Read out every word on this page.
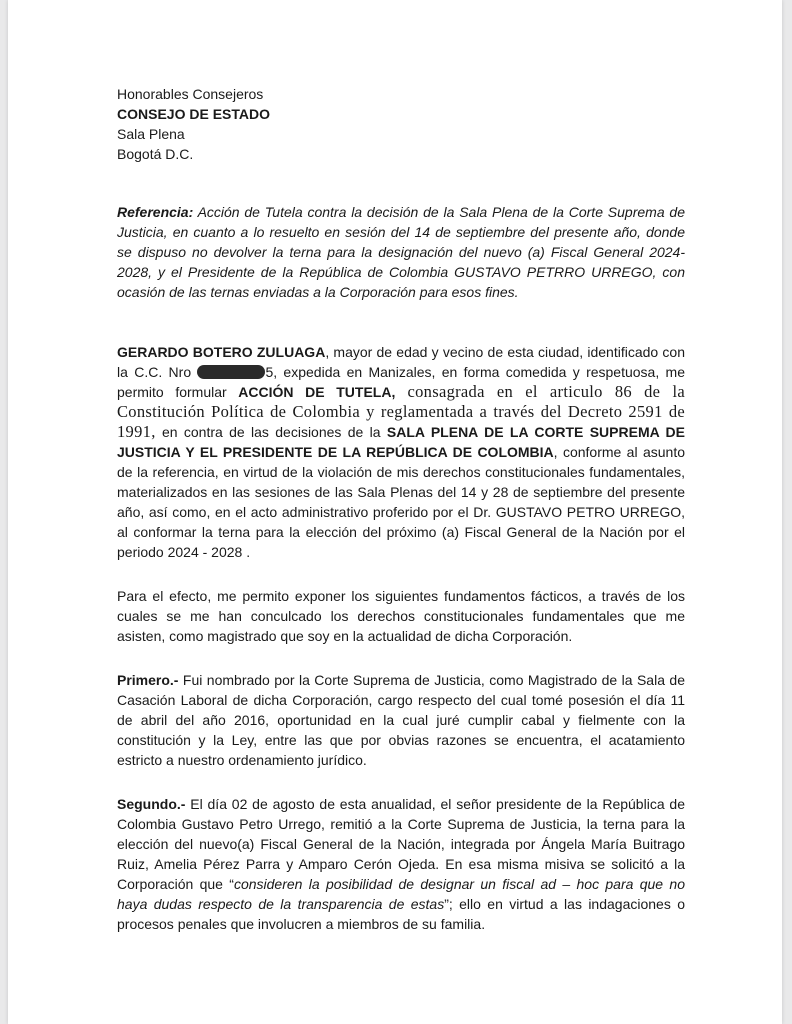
Honorables Consejeros
CONSEJO DE ESTADO
Sala Plena
Bogotá D.C.

Referencia: Acción de Tutela contra la decisión de la Sala Plena de la Corte Suprema de Justicia, en cuanto a lo resuelto en sesión del 14 de septiembre del presente año, donde se dispuso no devolver la terna para la designación del nuevo (a) Fiscal General 2024-2028, y el Presidente de la República de Colombia GUSTAVO PETRRO URREGO, con ocasión de las ternas enviadas a la Corporación para esos fines.

GERARDO BOTERO ZULUAGA, mayor de edad y vecino de esta ciudad, identificado con la C.C. Nro	5, expedida en Manizales, en forma comedida y respetuosa, me permito formular ACCIÓN DE TUTELA, consagrada en el articulo 86 de la Constitución Política de Colombia y reglamentada a través del Decreto 2591 de 1991, en contra de las decisiones de la SALA PLENA DE LA CORTE SUPREMA DE JUSTICIA Y EL PRESIDENTE DE LA REPÚBLICA DE COLOMBIA, conforme al asunto de la referencia, en virtud de la violación de mis derechos constitucionales fundamentales, materializados en las sesiones de las Sala Plenas del 14 y 28 de septiembre del presente año, así como, en el acto administrativo proferido por el Dr. GUSTAVO PETRO URREGO, al conformar la terna para la elección del próximo (a) Fiscal General de la Nación por el periodo 2024 - 2028 .

Para el efecto, me permito exponer los siguientes fundamentos fácticos, a través de los cuales se me han conculcado los derechos constitucionales fundamentales que me asisten, como magistrado que soy en la actualidad de dicha Corporación.

Primero.- Fui nombrado por la Corte Suprema de Justicia, como Magistrado de la Sala de Casación Laboral de dicha Corporación, cargo respecto del cual tomé posesión el día 11 de abril del año 2016, oportunidad en la cual juré cumplir cabal y fielmente con la constitución y la Ley, entre las que por obvias razones se encuentra, el acatamiento estricto a nuestro ordenamiento jurídico.

Segundo.- El día 02 de agosto de esta anualidad, el señor presidente de la República de Colombia Gustavo Petro Urrego, remitió a la Corte Suprema de Justicia, la terna para la elección del nuevo(a) Fiscal General de la Nación, integrada por Ángela María Buitrago Ruiz, Amelia Pérez Parra y Amparo Cerón Ojeda. En esa misma misiva se solicitó a la Corporación que “consideren la posibilidad de designar un fiscal ad – hoc para que no haya dudas respecto de la transparencia de estas”; ello en virtud a las indagaciones o procesos penales que involucren a miembros de su familia.
